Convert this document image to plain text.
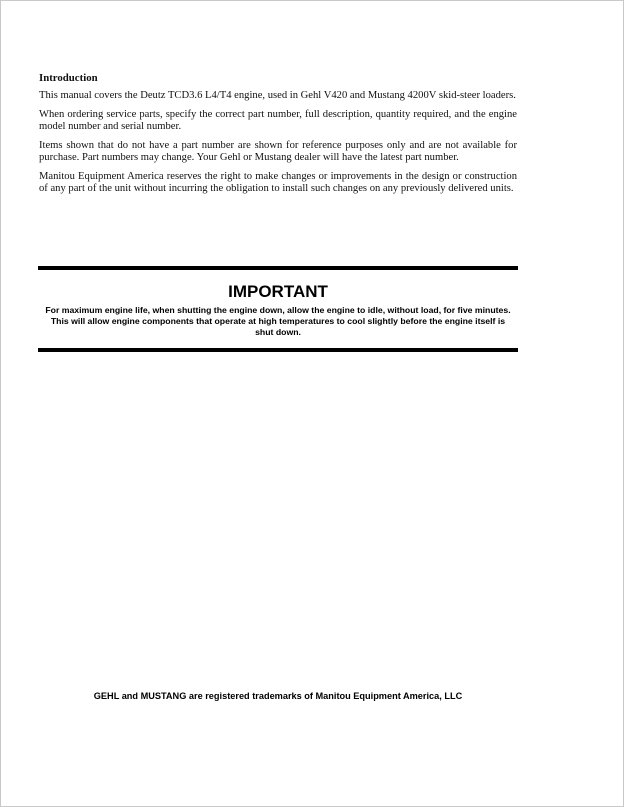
Introduction

This manual covers the Deutz TCD3.6 L4/T4 engine, used in Gehl V420 and Mustang 4200V skid-steer loaders.

When ordering service parts, specify the correct part number, full description, quantity required, and the engine model number and serial number.

Items shown that do not have a part number are shown for reference purposes only and are not available for purchase. Part numbers may change. Your Gehl or Mustang dealer will have the latest part number.

Manitou Equipment America reserves the right to make changes or improvements in the design or construction of any part of the unit without incurring the obligation to install such changes on any previously delivered units.

IMPORTANT
For maximum engine life, when shutting the engine down, allow the engine to idle, without load, for five minutes. This will allow engine components that operate at high temperatures to cool slightly before the engine itself is shut down.
GEHL and MUSTANG are registered trademarks of Manitou Equipment America, LLC
